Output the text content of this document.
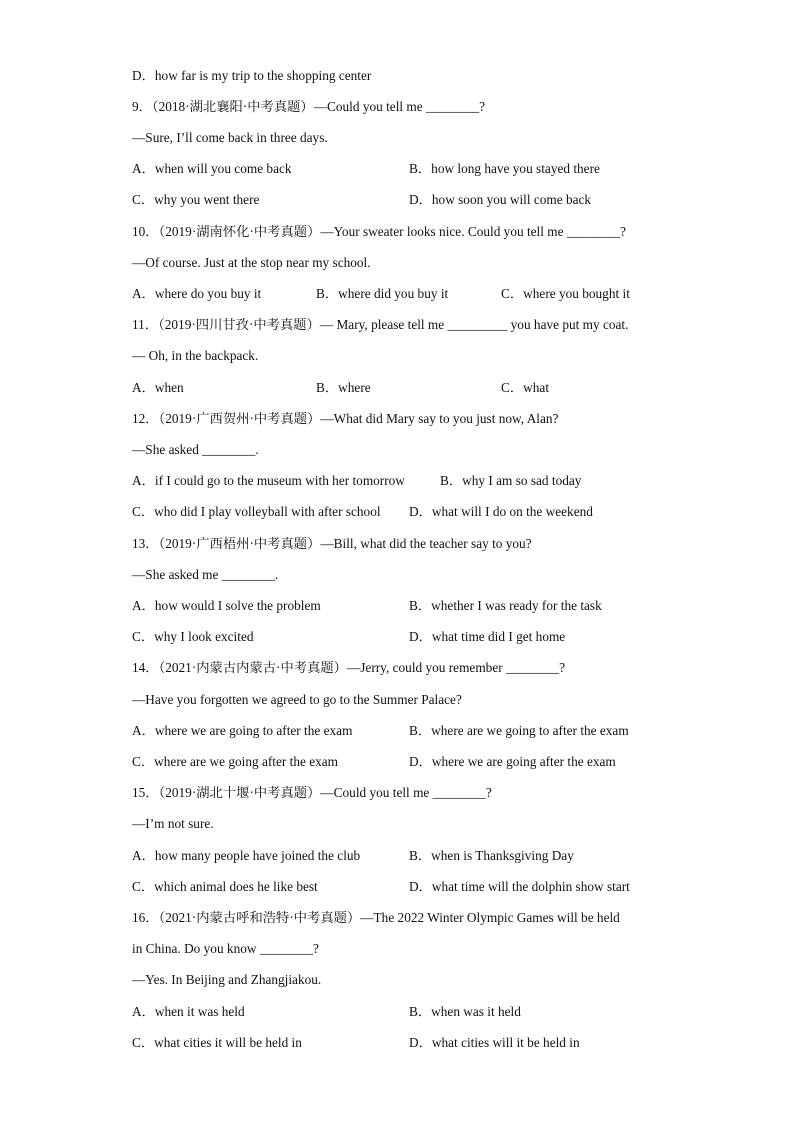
D．how far is my trip to the shopping center
9．（2018·湖北襄阳·中考真题）—Could you tell me ________?
—Sure, I’ll come back in three days.
A．when will you come back	B．how long have you stayed there
C．why you went there	D．how soon you will come back
10．（2019·湖南怀化·中考真题）—Your sweater looks nice. Could you tell me ________?
—Of course. Just at the stop near my school.
A．where do you buy it	B．where did you buy it	C．where you bought it
11．（2019·四川甘孜·中考真题）— Mary, please tell me _________ you have put my coat.
— Oh, in the backpack.
A．when	B．where	C．what
12．（2019·广西贺州·中考真题）—What did Mary say to you just now, Alan?
—She asked ________.
A．if I could go to the museum with her tomorrow	B．why I am so sad today
C．who did I play volleyball with after school D．what will I do on the weekend
13．（2019·广西梧州·中考真题）—Bill, what did the teacher say to you?
—She asked me ________.
A．how would I solve the problem	B．whether I was ready for the task
C．why I look excited	D．what time did I get home
14．（2021·内蒙古内蒙古·中考真题）—Jerry, could you remember ________?
—Have you forgotten we agreed to go to the Summer Palace?
A．where we are going to after the exam	B．where are we going to after the exam
C．where are we going after the exam	D．where we are going after the exam
15．（2019·湖北十堰·中考真题）—Could you tell me ________?
—I’m not sure.
A．how many people have joined the club	B．when is Thanksgiving Day
C．which animal does he like best	D．what time will the dolphin show start
16．（2021·内蒙古呼和浩特·中考真题）—The 2022 Winter Olympic Games will be held
in China. Do you know ________?
—Yes. In Beijing and Zhangjiakou.
A．when it was held	B．when was it held
C．what cities it will be held in	D．what cities will it be held in
